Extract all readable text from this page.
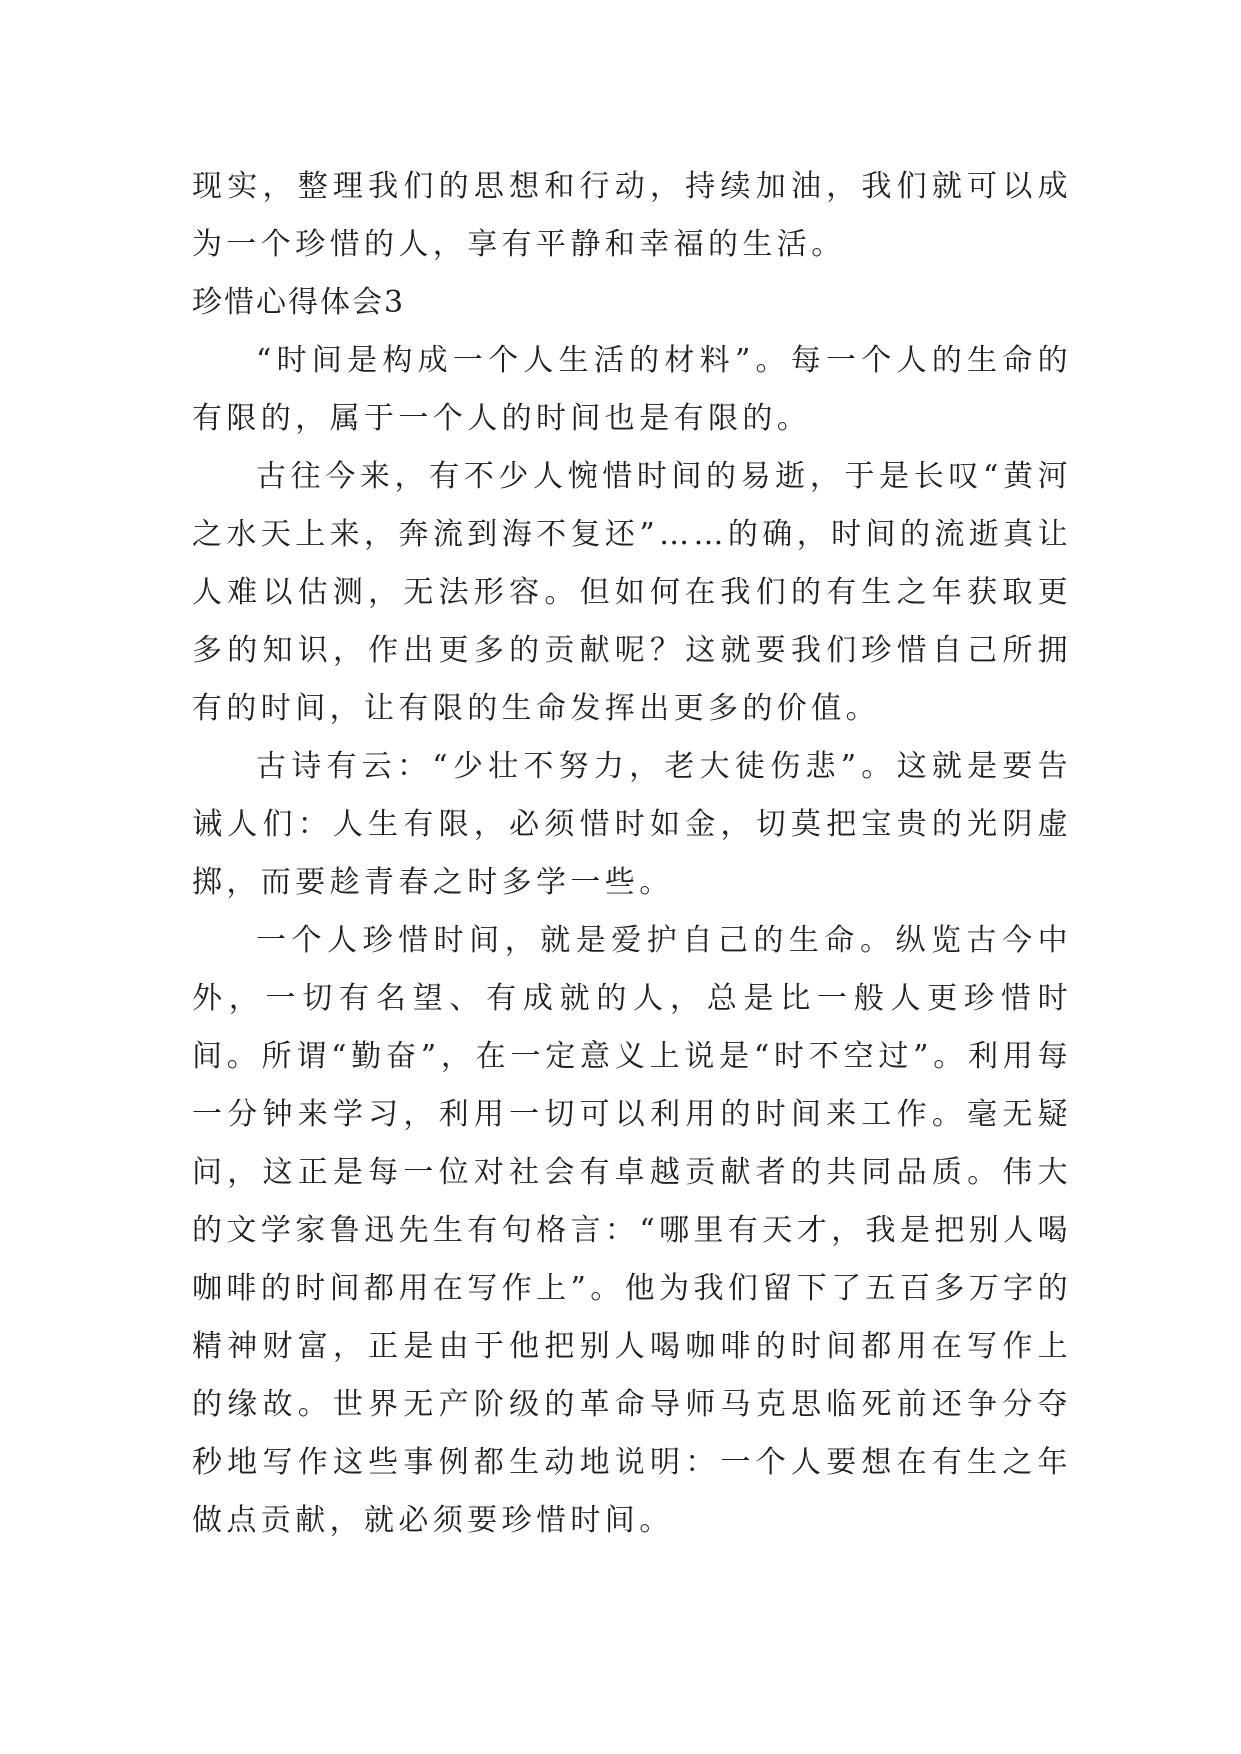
现实，整理我们的思想和行动，持续加油，我们就可以成为一个珍惜的人，享有平静和幸福的生活。

珍惜心得体会3

“时间是构成一个人生活的材料”。每一个人的生命的有限的，属于一个人的时间也是有限的。

古往今来，有不少人惋惜时间的易逝，于是长叹“黄河之水天上来，奔流到海不复还”……的确，时间的流逝真让人难以估测，无法形容。但如何在我们的有生之年获取更多的知识，作出更多的贡献呢？这就要我们珍惜自己所拥有的时间，让有限的生命发挥出更多的价值。

古诗有云：“少壮不努力，老大徒伤悲”。这就是要告诫人们：人生有限，必须惜时如金，切莫把宝贵的光阴虚掷，而要趁青春之时多学一些。

一个人珍惜时间，就是爱护自己的生命。纵览古今中外，一切有名望、有成就的人，总是比一般人更珍惜时间。所谓“勤奋”，在一定意义上说是“时不空过”。利用每一分钟来学习，利用一切可以利用的时间来工作。毫无疑问，这正是每一位对社会有卓越贡献者的共同品质。伟大的文学家鲁迅先生有句格言：“哪里有天才，我是把别人喝咖啡的时间都用在写作上”。他为我们留下了五百多万字的精神财富，正是由于他把别人喝咖啡的时间都用在写作上的缘故。世界无产阶级的革命导师马克思临死前还争分夺秒地写作这些事例都生动地说明：一个人要想在有生之年做点贡献，就必须要珍惜时间。
